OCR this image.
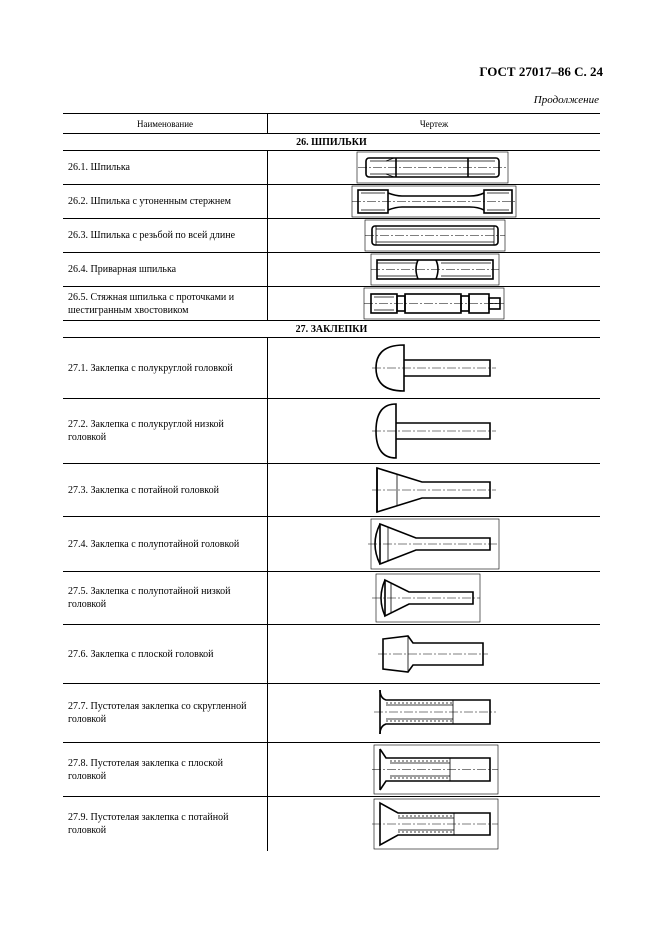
ГОСТ 27017–86 С. 24
Продолжение
Наименование	Чертеж
26. ШПИЛЬКИ
26.1. Шпилька
26.2. Шпилька с утоненным стержнем
26.3. Шпилька с резьбой по всей длине
26.4. Приварная шпилька
26.5. Стяжная шпилька с проточками и шестигранным хвостовиком
27. ЗАКЛЕПКИ
27.1. Заклепка с полукруглой головкой
27.2. Заклепка с полукруглой низкой головкой
27.3. Заклепка с потайной головкой
27.4. Заклепка с полупотайной головкой
27.5. Заклепка с полупотайной низкой головкой
27.6. Заклепка с плоской головкой
27.7. Пустотелая заклепка со скругленной головкой
27.8. Пустотелая заклепка с плоской головкой
27.9. Пустотелая заклепка с потайной головкой
